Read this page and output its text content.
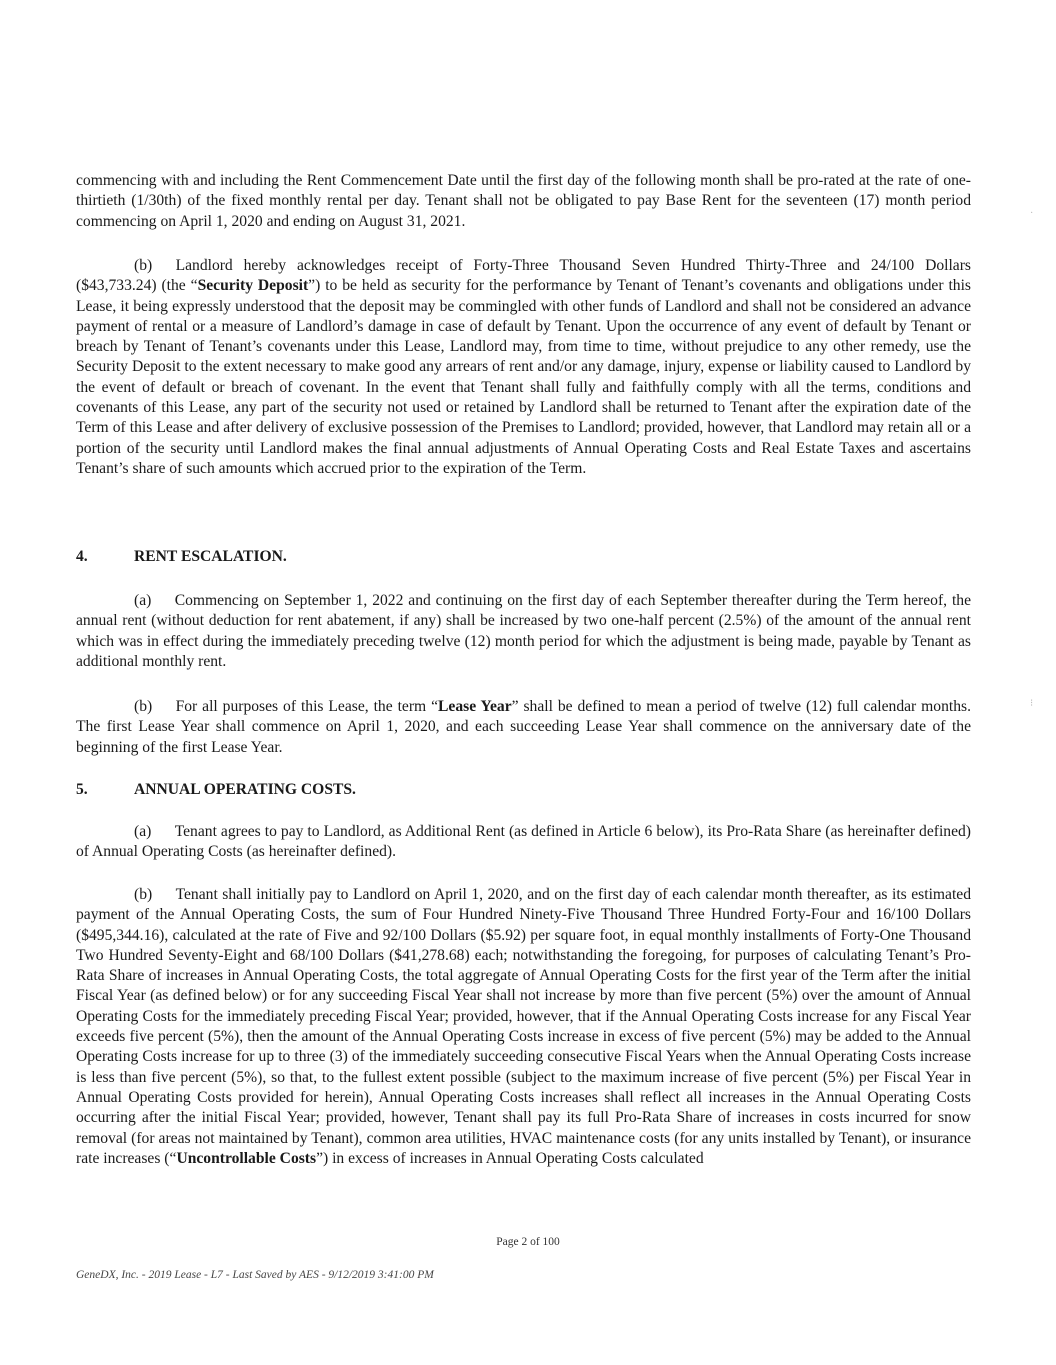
commencing with and including the Rent Commencement Date until the first day of the following month shall be pro-rated at the rate of one-thirtieth (1/30th) of the fixed monthly rental per day. Tenant shall not be obligated to pay Base Rent for the seventeen (17) month period commencing on April 1, 2020 and ending on August 31, 2021.

(b)  Landlord hereby acknowledges receipt of Forty-Three Thousand Seven Hundred Thirty-Three and 24/100 Dollars ($43,733.24) (the “Security Deposit”) to be held as security for the performance by Tenant of Tenant’s covenants and obligations under this Lease, it being expressly understood that the deposit may be commingled with other funds of Landlord and shall not be considered an advance payment of rental or a measure of Landlord’s damage in case of default by Tenant. Upon the occurrence of any event of default by Tenant or breach by Tenant of Tenant’s covenants under this Lease, Landlord may, from time to time, without prejudice to any other remedy, use the Security Deposit to the extent necessary to make good any arrears of rent and/or any damage, injury, expense or liability caused to Landlord by the event of default or breach of covenant. In the event that Tenant shall fully and faithfully comply with all the terms, conditions and covenants of this Lease, any part of the security not used or retained by Landlord shall be returned to Tenant after the expiration date of the Term of this Lease and after delivery of exclusive possession of the Premises to Landlord; provided, however, that Landlord may retain all or a portion of the security until Landlord makes the final annual adjustments of Annual Operating Costs and Real Estate Taxes and ascertains Tenant’s share of such amounts which accrued prior to the expiration of the Term.

4.	RENT ESCALATION.

(a)  Commencing on September 1, 2022 and continuing on the first day of each September thereafter during the Term hereof, the annual rent (without deduction for rent abatement, if any) shall be increased by two one-half percent (2.5%) of the amount of the annual rent which was in effect during the immediately preceding twelve (12) month period for which the adjustment is being made, payable by Tenant as additional monthly rent.

(b)  For all purposes of this Lease, the term “Lease Year” shall be defined to mean a period of twelve (12) full calendar months. The first Lease Year shall commence on April 1, 2020, and each succeeding Lease Year shall commence on the anniversary date of the beginning of the first Lease Year.

5.	ANNUAL OPERATING COSTS.

(a)  Tenant agrees to pay to Landlord, as Additional Rent (as defined in Article 6 below), its Pro-Rata Share (as hereinafter defined) of Annual Operating Costs (as hereinafter defined).

(b)  Tenant shall initially pay to Landlord on April 1, 2020, and on the first day of each calendar month thereafter, as its estimated payment of the Annual Operating Costs, the sum of Four Hundred Ninety-Five Thousand Three Hundred Forty-Four and 16/100 Dollars ($495,344.16), calculated at the rate of Five and 92/100 Dollars ($5.92) per square foot, in equal monthly installments of Forty-One Thousand Two Hundred Seventy-Eight and 68/100 Dollars ($41,278.68) each; notwithstanding the foregoing, for purposes of calculating Tenant’s Pro-Rata Share of increases in Annual Operating Costs, the total aggregate of Annual Operating Costs for the first year of the Term after the initial Fiscal Year (as defined below) or for any succeeding Fiscal Year shall not increase by more than five percent (5%) over the amount of Annual Operating Costs for the immediately preceding Fiscal Year; provided, however, that if the Annual Operating Costs increase for any Fiscal Year exceeds five percent (5%), then the amount of the Annual Operating Costs increase in excess of five percent (5%) may be added to the Annual Operating Costs increase for up to three (3) of the immediately succeeding consecutive Fiscal Years when the Annual Operating Costs increase is less than five percent (5%), so that, to the fullest extent possible (subject to the maximum increase of five percent (5%) per Fiscal Year in Annual Operating Costs provided for herein), Annual Operating Costs increases shall reflect all increases in the Annual Operating Costs occurring after the initial Fiscal Year; provided, however, Tenant shall pay its full Pro-Rata Share of increases in costs incurred for snow removal (for areas not maintained by Tenant), common area utilities, HVAC maintenance costs (for any units installed by Tenant), or insurance rate increases (“Uncontrollable Costs”) in excess of increases in Annual Operating Costs calculated

Page 2 of 100
GeneDX, Inc. - 2019 Lease - L7 - Last Saved by AES - 9/12/2019 3:41:00 PM
·
⁝
